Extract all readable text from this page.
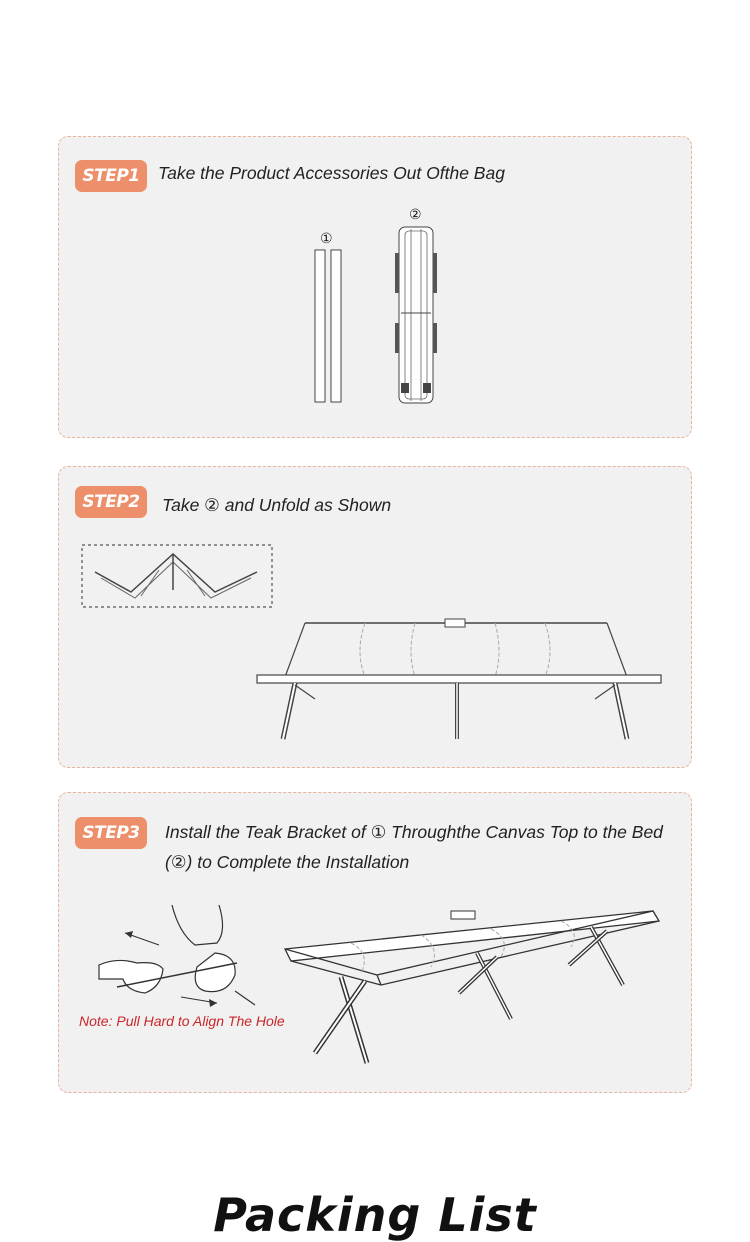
STEP1	Take the Product Accessories Out Ofthe Bag
①
②
STEP2	Take ② and Unfold as Shown
STEP3	Install the Teak Bracket of ① Throughthe Canvas Top to the Bed
(②) to Complete the Installation
Note: Pull Hard to Align The Hole
Packing List
